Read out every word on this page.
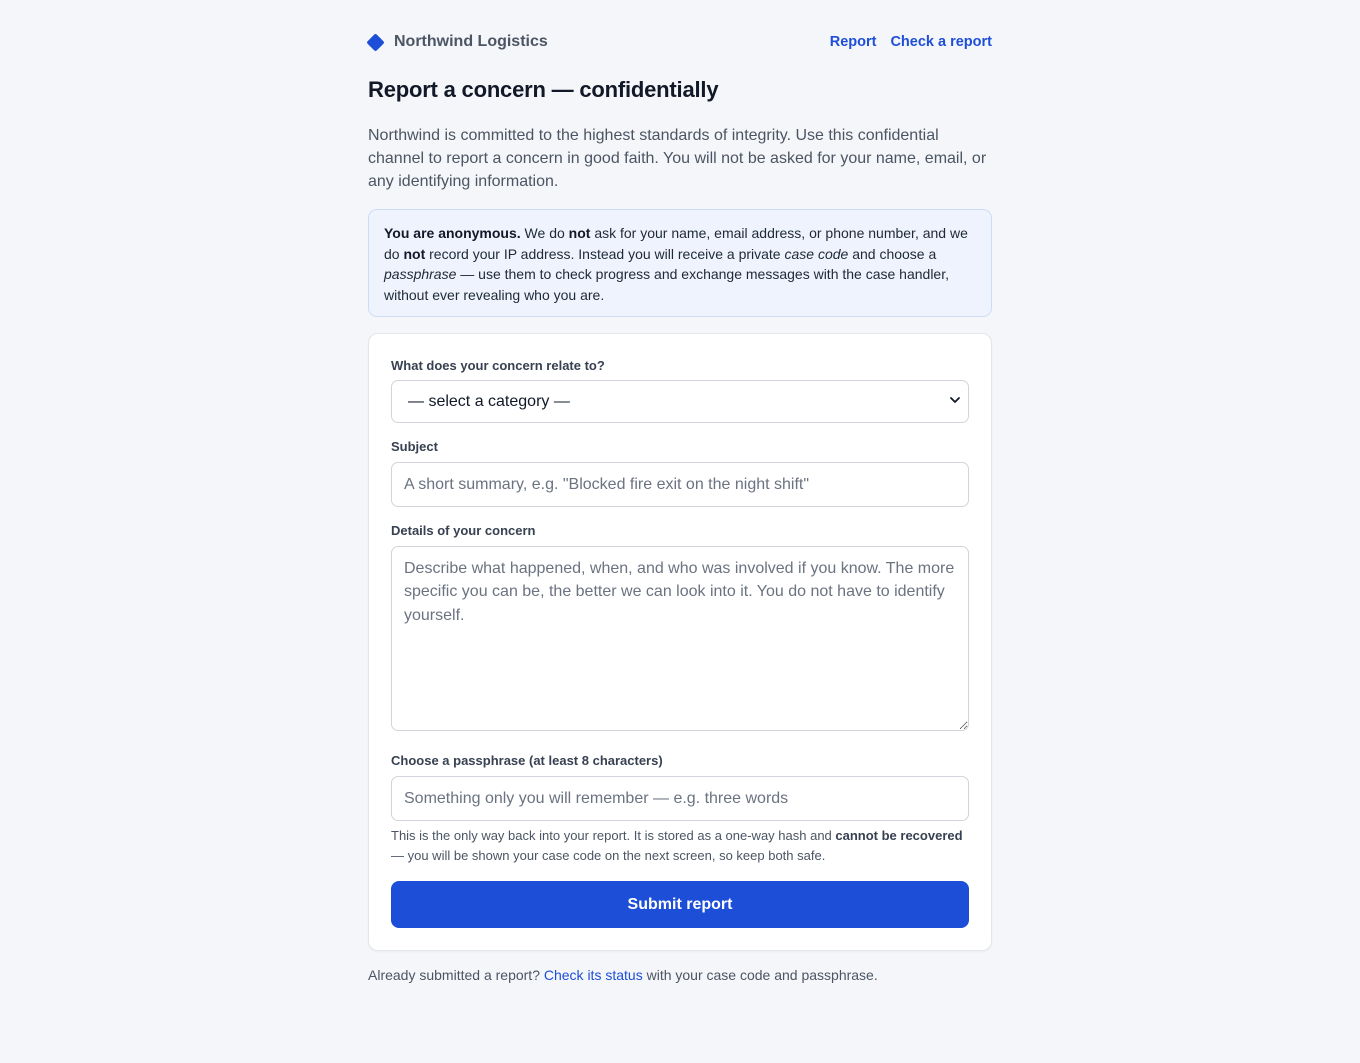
Northwind Logistics	Report Check a report
Report a concern — confidentially

Northwind is committed to the highest standards of integrity. Use this confidential channel to report a concern in good faith. You will not be asked for your name, email, or any identifying information.

You are anonymous. We do not ask for your name, email address, or phone number, and we do not record your IP address. Instead you will receive a private case code and choose a passphrase — use them to check progress and exchange messages with the case handler, without ever revealing who you are.
What does your concern relate to?
— select a category —
Subject
A short summary, e.g. "Blocked fire exit on the night shift"
Details of your concern
Describe what happened, when, and who was involved if you know. The more specific you can be, the better we can look into it. You do not have to identify yourself.
Choose a passphrase (at least 8 characters)

This is the only way back into your report. It is stored as a one-way hash and cannot be recovered — you will be shown your case code on the next screen, so keep both safe.

Submit report

Already submitted a report? Check its status with your case code and passphrase.
